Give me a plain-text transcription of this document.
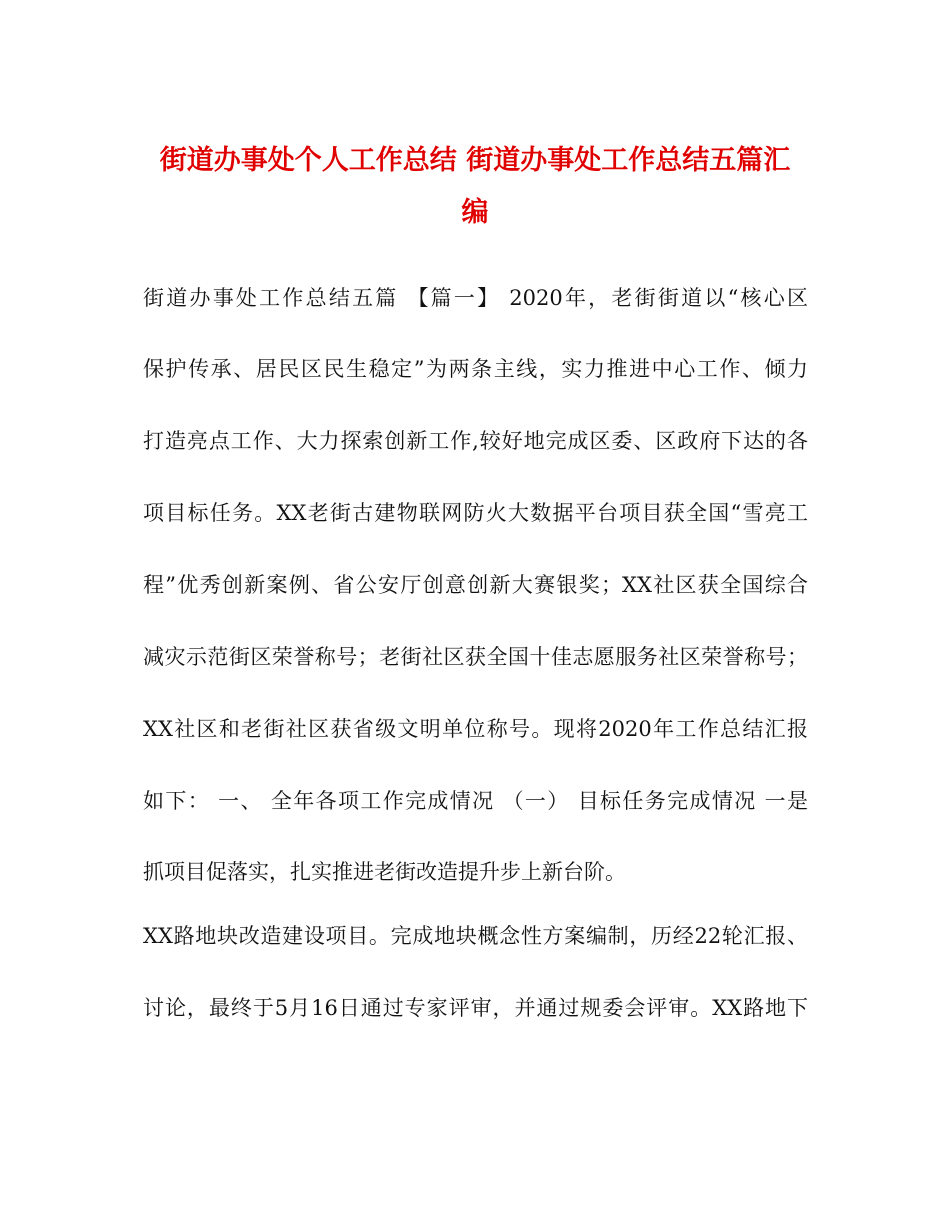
街道办事处个人工作总结 街道办事处工作总结五篇汇
编
街道办事处工作总结五篇 【篇一】 2020年，老街街道以“核心区
保护传承、居民区民生稳定”为两条主线，实力推进中心工作、倾力
打造亮点工作、大力探索创新工作,较好地完成区委、区政府下达的各
项目标任务。XX老街古建物联网防火大数据平台项目获全国“雪亮工
程”优秀创新案例、省公安厅创意创新大赛银奖；XX社区获全国综合
减灾示范街区荣誉称号；老街社区获全国十佳志愿服务社区荣誉称号；
XX社区和老街社区获省级文明单位称号。现将2020年工作总结汇报
如下： 一、 全年各项工作完成情况 （一） 目标任务完成情况 一是
抓项目促落实，扎实推进老街改造提升步上新台阶。
XX路地块改造建设项目。完成地块概念性方案编制，历经22轮汇报、
讨论，最终于5月16日通过专家评审，并通过规委会评审。XX路地下
